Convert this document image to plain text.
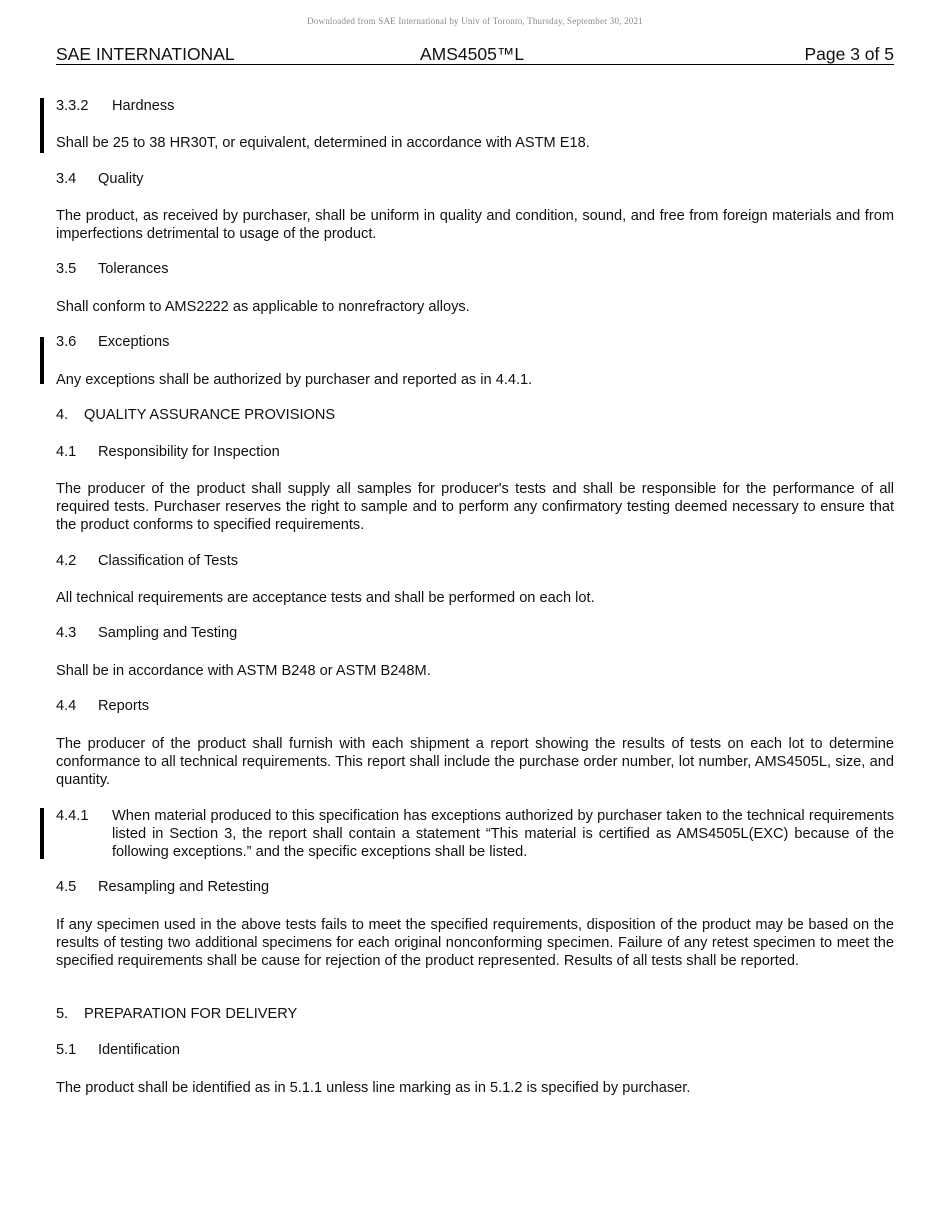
Downloaded from SAE International by Univ of Toronto, Thursday, September 30, 2021
SAE INTERNATIONAL	AMS4505™L	Page 3 of 5
3.3.2 Hardness
Shall be 25 to 38 HR30T, or equivalent, determined in accordance with ASTM E18.
3.4 Quality
The product, as received by purchaser, shall be uniform in quality and condition, sound, and free from foreign materials and from imperfections detrimental to usage of the product.
3.5 Tolerances
Shall conform to AMS2222 as applicable to nonrefractory alloys.
3.6 Exceptions
Any exceptions shall be authorized by purchaser and reported as in 4.4.1.
4. QUALITY ASSURANCE PROVISIONS
4.1 Responsibility for Inspection
The producer of the product shall supply all samples for producer's tests and shall be responsible for the performance of all required tests. Purchaser reserves the right to sample and to perform any confirmatory testing deemed necessary to ensure that the product conforms to specified requirements.
4.2 Classification of Tests
All technical requirements are acceptance tests and shall be performed on each lot.
4.3 Sampling and Testing
Shall be in accordance with ASTM B248 or ASTM B248M.
4.4 Reports
The producer of the product shall furnish with each shipment a report showing the results of tests on each lot to determine conformance to all technical requirements. This report shall include the purchase order number, lot number, AMS4505L, size, and quantity.
4.4.1 When material produced to this specification has exceptions authorized by purchaser taken to the technical requirements listed in Section 3, the report shall contain a statement “This material is certified as AMS4505L(EXC) because of the following exceptions.” and the specific exceptions shall be listed.
4.5 Resampling and Retesting
If any specimen used in the above tests fails to meet the specified requirements, disposition of the product may be based on the results of testing two additional specimens for each original nonconforming specimen. Failure of any retest specimen to meet the specified requirements shall be cause for rejection of the product represented. Results of all tests shall be reported.
5. PREPARATION FOR DELIVERY
5.1 Identification
The product shall be identified as in 5.1.1 unless line marking as in 5.1.2 is specified by purchaser.
